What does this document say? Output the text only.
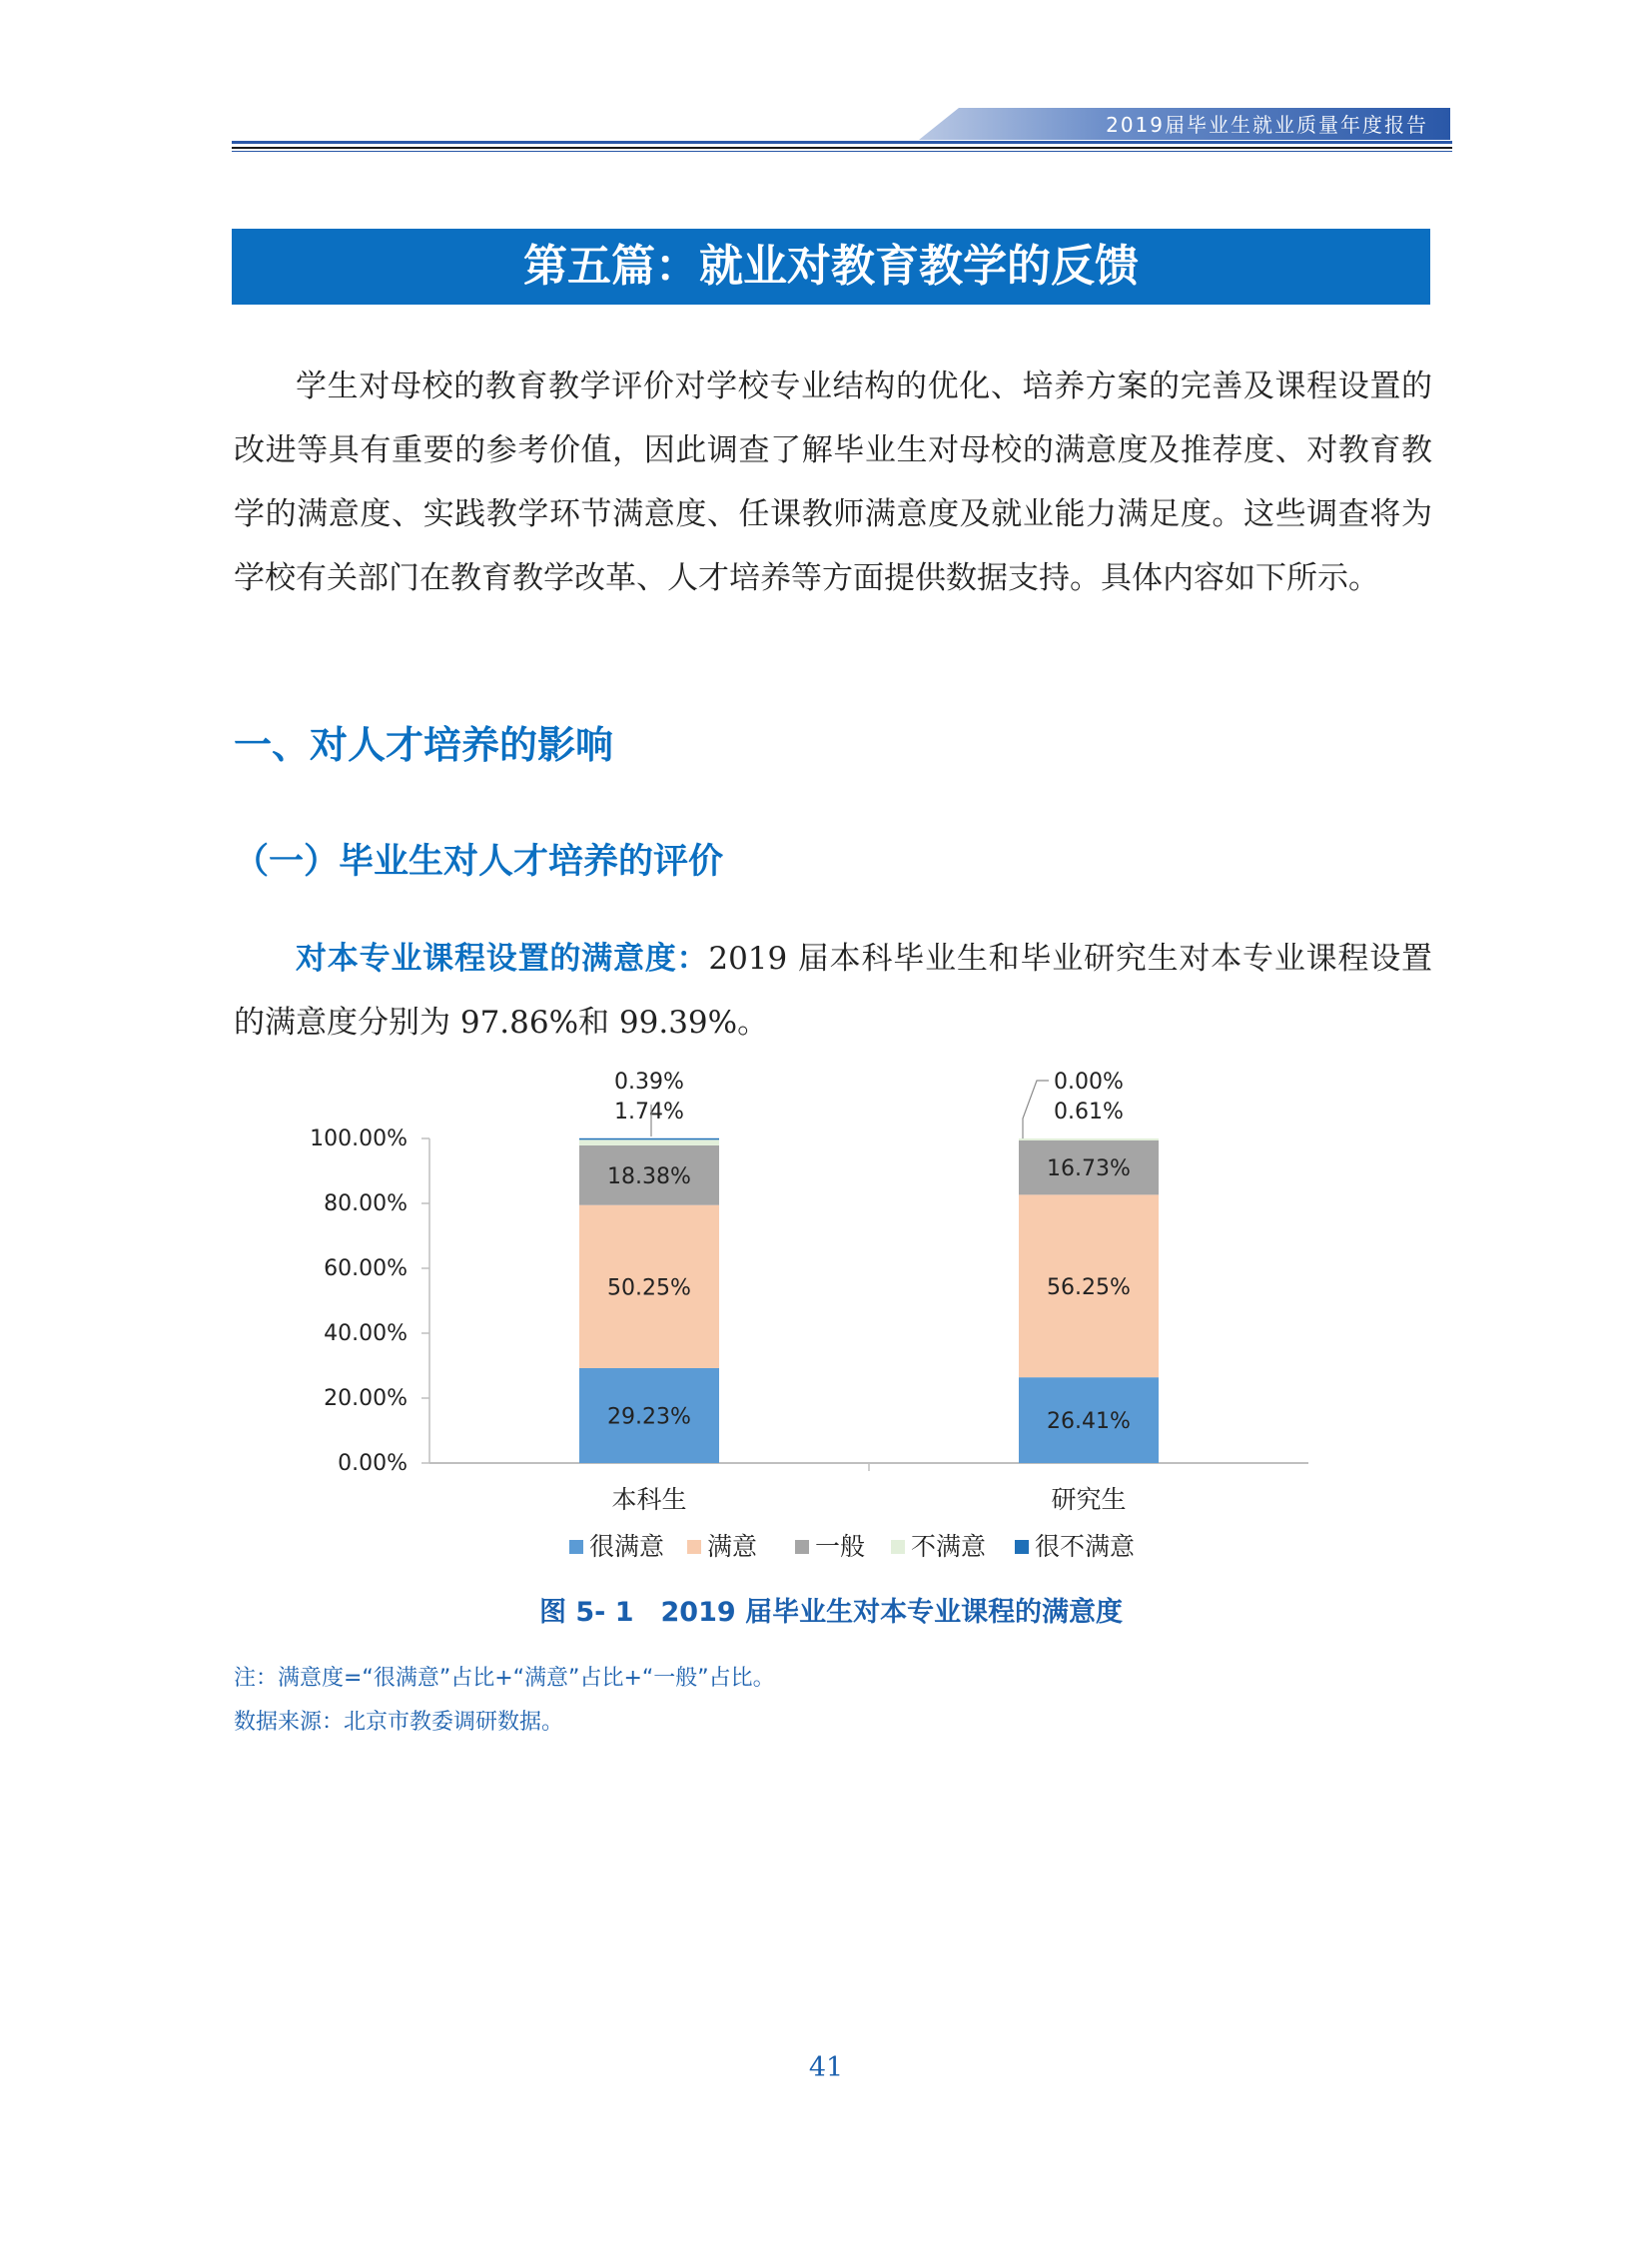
2019届毕业生就业质量年度报告
第五篇：就业对教育教学的反馈

学生对母校的教育教学评价对学校专业结构的优化、培养方案的完善及课程设置的改进等具有重要的参考价值，因此调查了解毕业生对母校的满意度及推荐度、对教育教学的满意度、实践教学环节满意度、任课教师满意度及就业能力满足度。这些调查将为学校有关部门在教育教学改革、人才培养等方面提供数据支持。具体内容如下所示。

一、对人才培养的影响
（一）毕业生对人才培养的评价

对本专业课程设置的满意度：2019 届本科毕业生和毕业研究生对本专业课程设置的满意度分别为 97.86%和 99.39%。

0.00%
20.00%
40.00%
60.00%
80.00%
100.00%
29.23%
50.25%
18.38%
0.39%
1.74%
本科生
26.41%
56.25%
16.73%
0.00%
0.61%
研究生
很满意 满意 一般 不满意 很不满意
图 5- 1　2019 届毕业生对本专业课程的满意度
注：满意度=“很满意”占比+“满意”占比+“一般”占比。
数据来源：北京市教委调研数据。
41
